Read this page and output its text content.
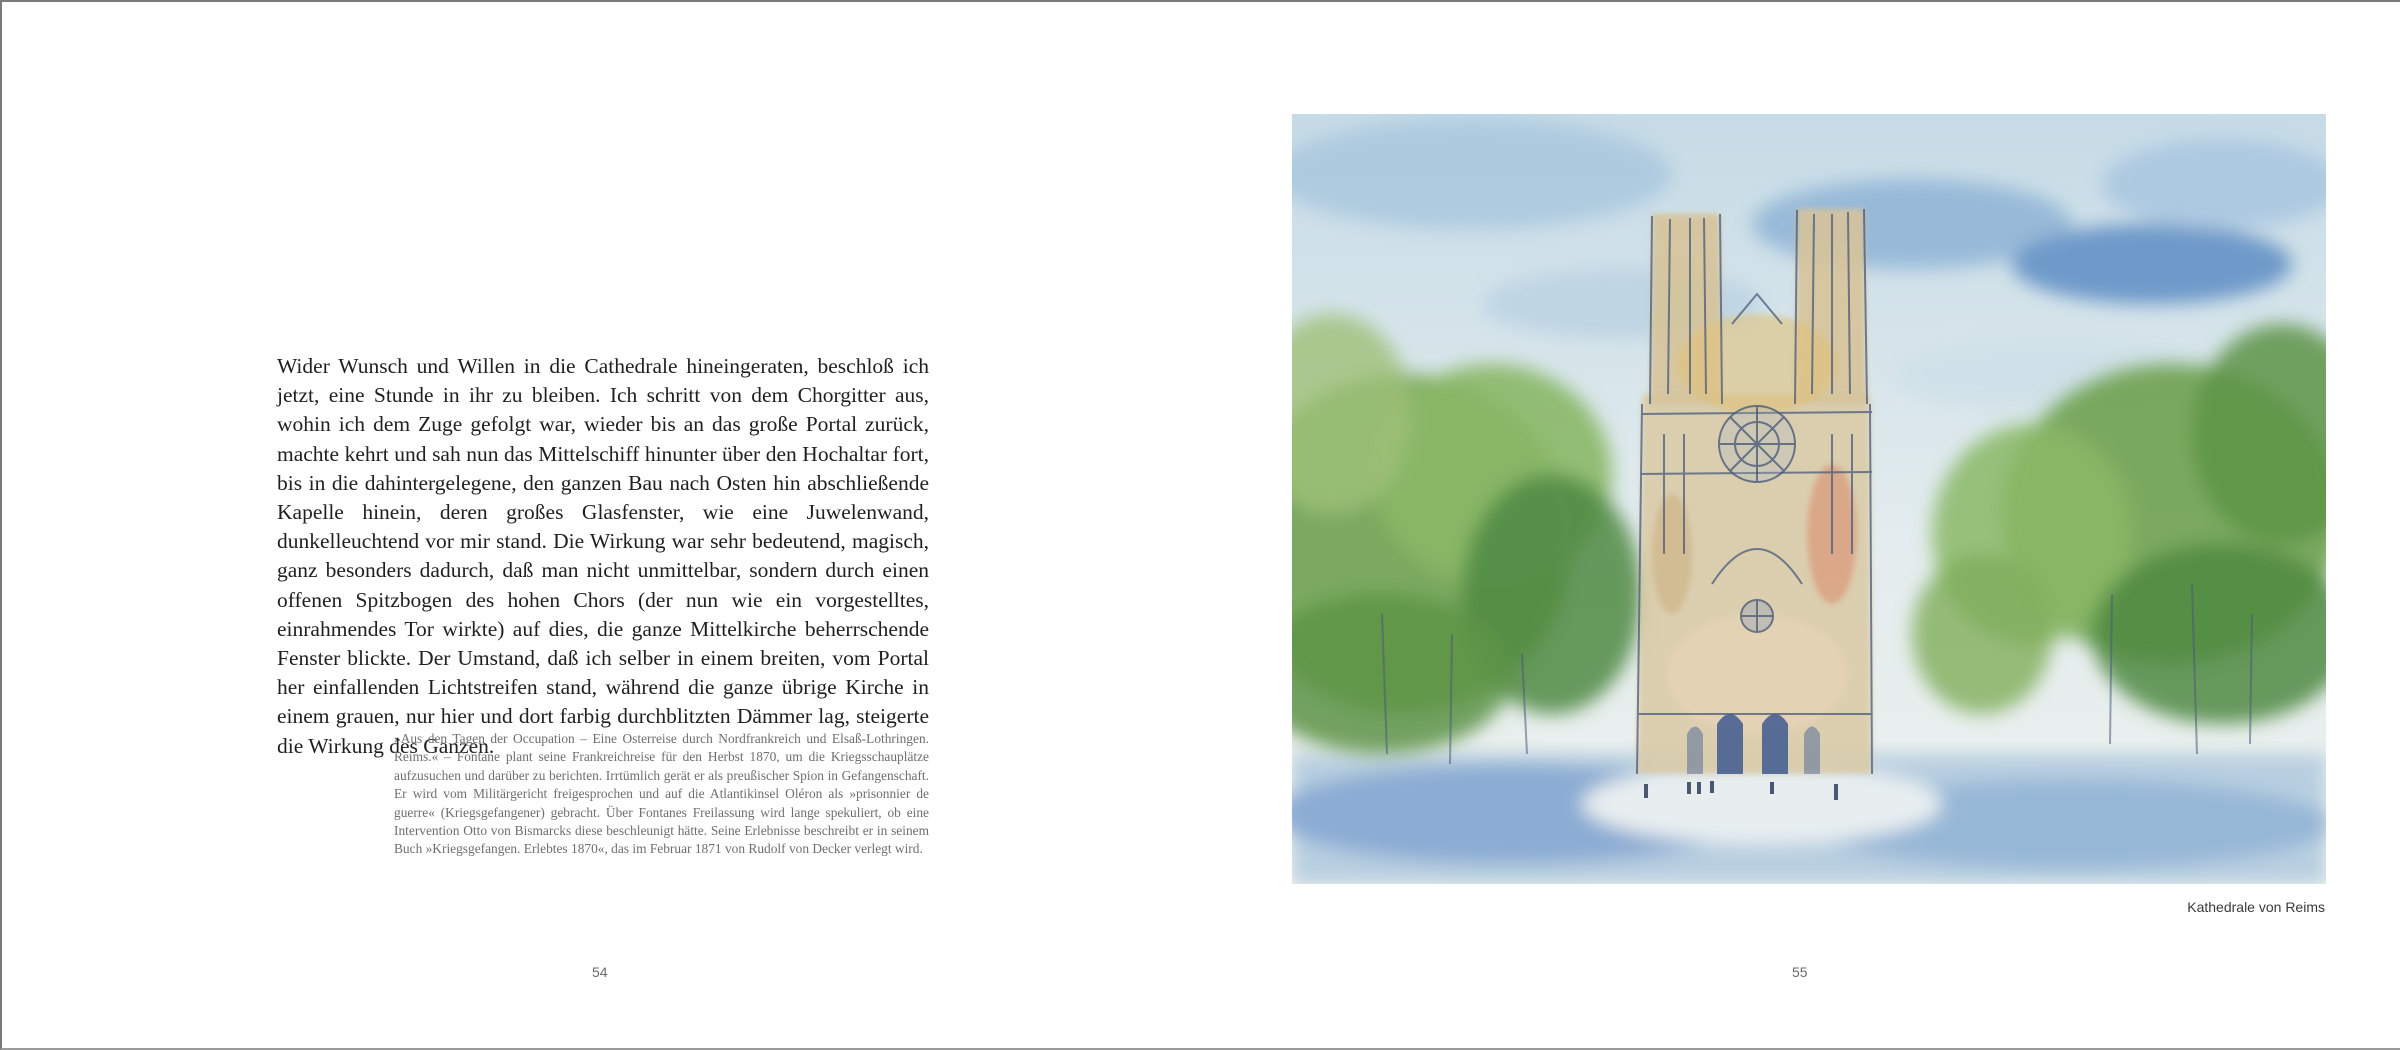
Wider Wunsch und Willen in die Cathedrale hineingeraten, beschloß ich jetzt, eine Stunde in ihr zu bleiben. Ich schritt von dem Chorgitter aus, wohin ich dem Zuge gefolgt war, wieder bis an das große Portal zurück, machte kehrt und sah nun das Mittelschiff hinunter über den Hochaltar fort, bis in die dahintergelegene, den ganzen Bau nach Osten hin abschließende Kapelle hinein, deren großes Glasfenster, wie eine Juwelenwand, dunkelleuchtend vor mir stand. Die Wirkung war sehr bedeutend, magisch, ganz besonders dadurch, daß man nicht unmittelbar, sondern durch einen offenen Spitzbogen des hohen Chors (der nun wie ein vorgestelltes, einrahmendes Tor wirkte) auf dies, die ganze Mittelkirche beherrschende Fenster blickte. Der Umstand, daß ich selber in einem breiten, vom Portal her einfallenden Lichtstreifen stand, während die ganze übrige Kirche in einem grauen, nur hier und dort farbig durchblitzten Dämmer lag, steigerte die Wirkung des Ganzen.
»Aus den Tagen der Occupation – Eine Osterreise durch Nordfrankreich und Elsaß-Lothringen. Reims.« – Fontane plant seine Frankreichreise für den Herbst 1870, um die Kriegsschauplätze aufzusuchen und darüber zu berichten. Irrtümlich gerät er als preußischer Spion in Gefangenschaft. Er wird vom Militärgericht freigesprochen und auf die Atlantikinsel Oléron als »prisonnier de guerre« (Kriegsgefangener) gebracht. Über Fontanes Freilassung wird lange spekuliert, ob eine Intervention Otto von Bismarcks diese beschleunigt hätte. Seine Erlebnisse beschreibt er in seinem Buch »Kriegsgefangen. Erlebtes 1870«, das im Februar 1871 von Rudolf von Decker verlegt wird.
54
Kathedrale von Reims
55
